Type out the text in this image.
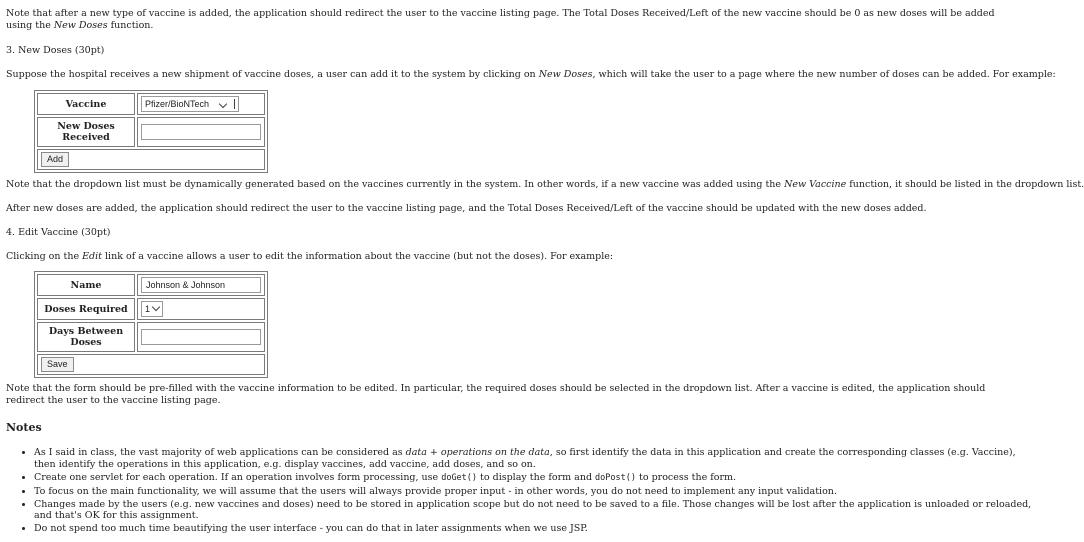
Note that after a new type of vaccine is added, the application should redirect the user to the vaccine listing page. The Total Doses Received/Left of the new vaccine should be 0 as new doses will be added using the New Doses function.
3. New Doses (30pt)
Suppose the hospital receives a new shipment of vaccine doses, a user can add it to the system by clicking on New Doses, which will take the user to a page where the new number of doses can be added. For example:
Vaccine	Pfizer/BioNTech

New Doses Received	
Add	
Note that the dropdown list must be dynamically generated based on the vaccines currently in the system. In other words, if a new vaccine was added using the New Vaccine function, it should be listed in the dropdown list.
After new doses are added, the application should redirect the user to the vaccine listing page, and the Total Doses Received/Left of the vaccine should be updated with the new doses added.
4. Edit Vaccine (30pt)
Clicking on the Edit link of a vaccine allows a user to edit the information about the vaccine (but not the doses). For example:
Name	Johnson & Johnson
Doses Required	1
Days Between Doses	
Save	
Note that the form should be pre-filled with the vaccine information to be edited. In particular, the required doses should be selected in the dropdown list. After a vaccine is edited, the application should redirect the user to the vaccine listing page.
Notes
• As I said in class, the vast majority of web applications can be considered as data + operations on the data, so first identify the data in this application and create the corresponding classes (e.g. Vaccine), then identify the operations in this application, e.g. display vaccines, add vaccine, add doses, and so on.
• Create one servlet for each operation. If an operation involves form processing, use doGet() to display the form and doPost() to process the form.
• To focus on the main functionality, we will assume that the users will always provide proper input - in other words, you do not need to implement any input validation.
• Changes made by the users (e.g. new vaccines and doses) need to be stored in application scope but do not need to be saved to a file. Those changes will be lost after the application is unloaded or reloaded, and that's OK for this assignment.
• Do not spend too much time beautifying the user interface - you can do that in later assignments when we use JSP.
